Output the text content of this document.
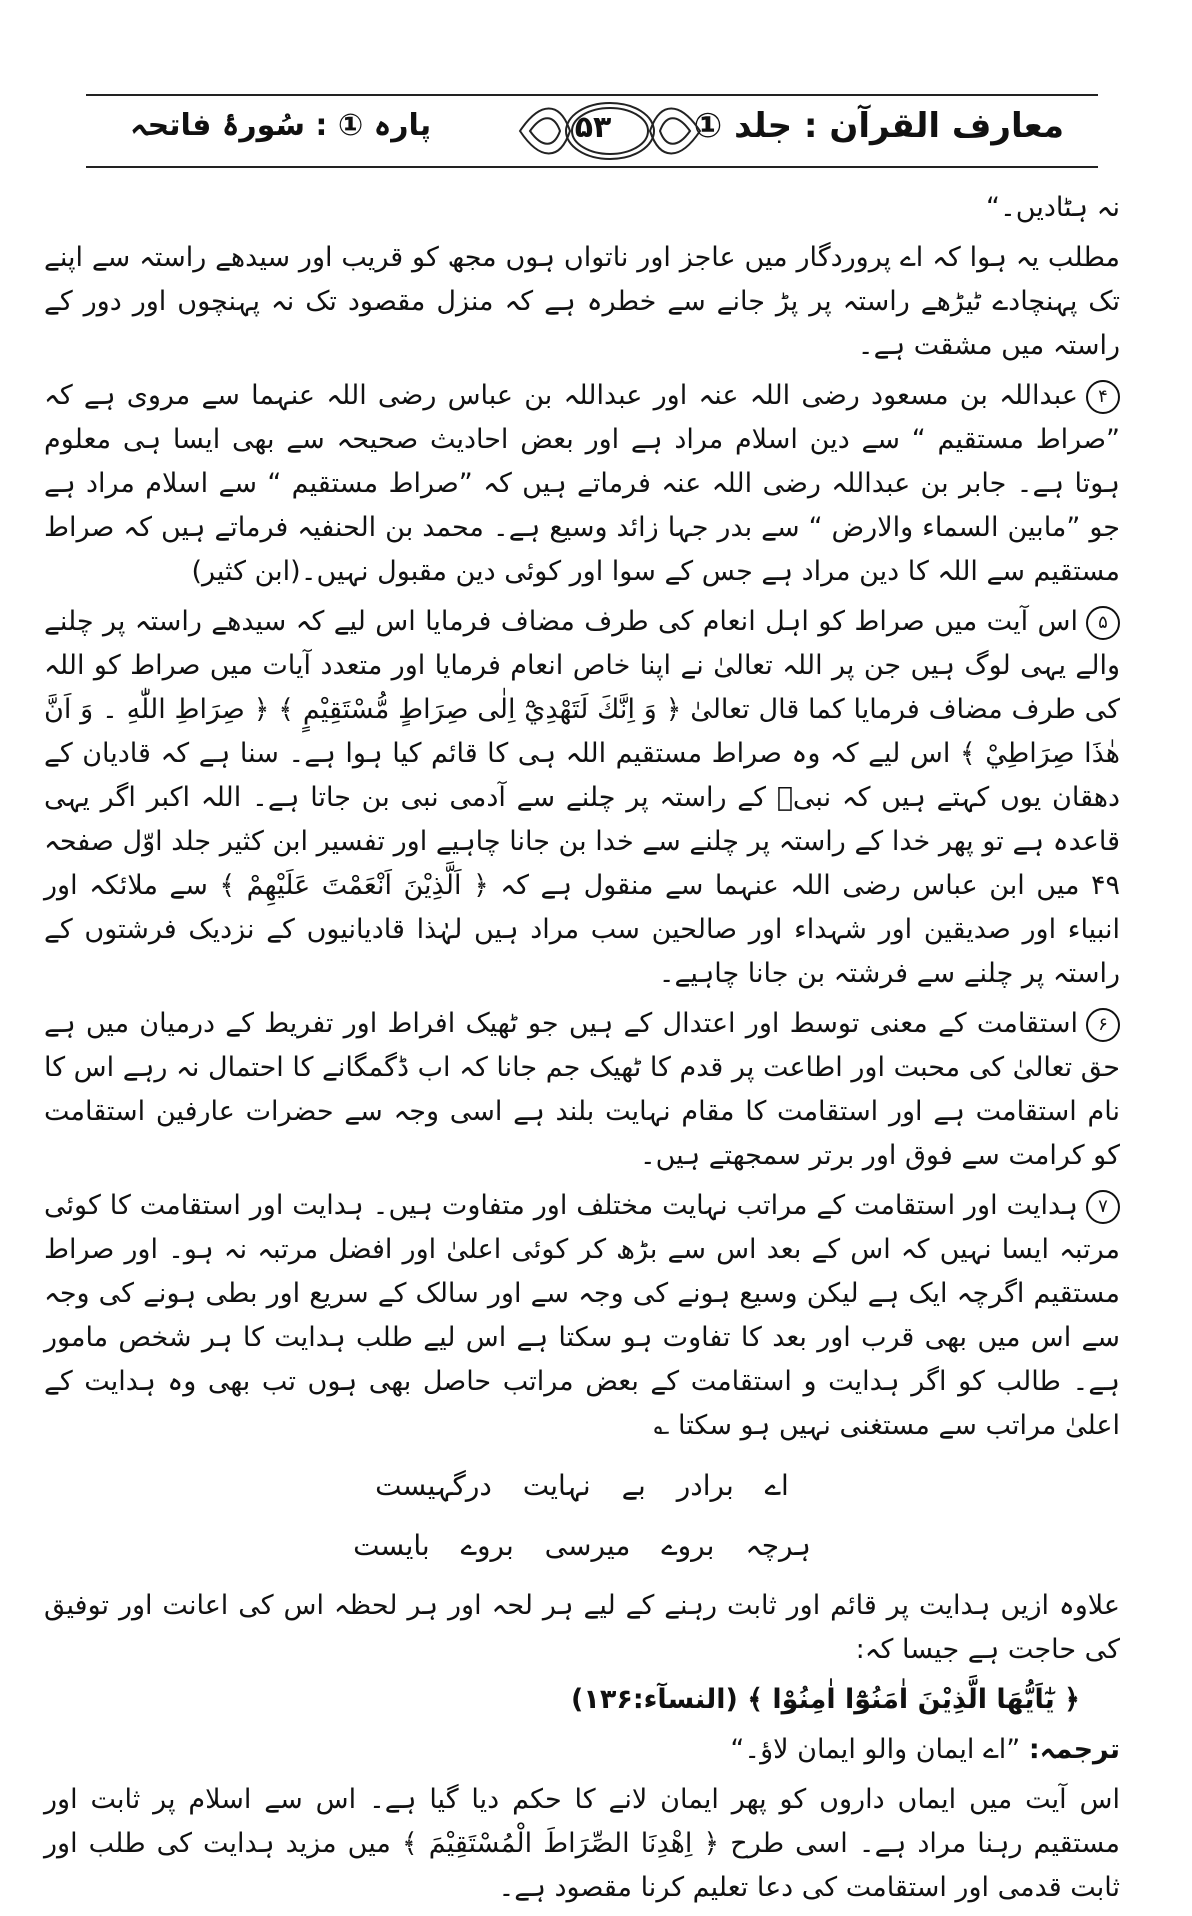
معارف القرآن : جلد ①
پارہ ① : سُورۂ فاتحہ	۵۳

نہ ہٹادیں۔“

مطلب یہ ہوا کہ اے پروردگار میں عاجز اور ناتواں ہوں مجھ کو قریب اور سیدھے راستہ سے اپنے تک پہنچادے ٹیڑھے راستہ پر پڑ جانے سے خطرہ ہے کہ منزل مقصود تک نہ پہنچوں اور دور کے راستہ میں مشقت ہے۔

۴عبداللہ بن مسعود رضی اللہ عنہ اور عبداللہ بن عباس رضی اللہ عنہما سے مروی ہے کہ ”صراط مستقیم “ سے دین اسلام مراد ہے اور بعض احادیث صحیحہ سے بھی ایسا ہی معلوم ہوتا ہے۔ جابر بن عبداللہ رضی اللہ عنہ فرماتے ہیں کہ ”صراط مستقیم “ سے اسلام مراد ہے جو ”مابین السماء والارض “ سے بدر جہا زائد وسیع ہے۔ محمد بن الحنفیہ فرماتے ہیں کہ صراط مستقیم سے اللہ کا دین مراد ہے جس کے سوا اور کوئی دین مقبول نہیں۔(ابن کثیر)

۵اس آیت میں صراط کو اہل انعام کی طرف مضاف فرمایا اس لیے کہ سیدھے راستہ پر چلنے والے یہی لوگ ہیں جن پر اللہ تعالیٰ نے اپنا خاص انعام فرمایا اور متعدد آیات میں صراط کو اللہ کی طرف مضاف فرمایا کما قال تعالیٰ ﴿ وَ اِنَّكَ لَتَهْدِيْٓ اِلٰى صِرَاطٍ مُّسْتَقِيْمٍ ﴾ ﴿ صِرَاطِ اللّٰهِ ۔ وَ اَنَّ هٰذَا صِرَاطِيْ ﴾ اس لیے کہ وہ صراط مستقیم اللہ ہی کا قائم کیا ہوا ہے۔ سنا ہے کہ قادیان کے دھقان یوں کہتے ہیں کہ نبیؐ کے راستہ پر چلنے سے آدمی نبی بن جاتا ہے۔ اللہ اکبر اگر یہی قاعدہ ہے تو پھر خدا کے راستہ پر چلنے سے خدا بن جانا چاہیے اور تفسیر ابن کثیر جلد اوّل صفحہ ۴۹ میں ابن عباس رضی اللہ عنہما سے منقول ہے کہ ﴿ اَلَّذِيْنَ اَنْعَمْتَ عَلَيْهِمْ ﴾ سے ملائکہ اور انبیاء اور صدیقین اور شہداء اور صالحین سب مراد ہیں لہٰذا قادیانیوں کے نزدیک فرشتوں کے راستہ پر چلنے سے فرشتہ بن جانا چاہیے۔

۶استقامت کے معنی توسط اور اعتدال کے ہیں جو ٹھیک افراط اور تفریط کے درمیان میں ہے حق تعالیٰ کی محبت اور اطاعت پر قدم کا ٹھیک جم جانا کہ اب ڈگمگانے کا احتمال نہ رہے اس کا نام استقامت ہے اور استقامت کا مقام نہایت بلند ہے اسی وجہ سے حضرات عارفین استقامت کو کرامت سے فوق اور برتر سمجھتے ہیں۔

۷ہدایت اور استقامت کے مراتب نہایت مختلف اور متفاوت ہیں۔ ہدایت اور استقامت کا کوئی مرتبہ ایسا نہیں کہ اس کے بعد اس سے بڑھ کر کوئی اعلیٰ اور افضل مرتبہ نہ ہو۔ اور صراط مستقیم اگرچہ ایک ہے لیکن وسیع ہونے کی وجہ سے اور سالک کے سریع اور بطی ہونے کی وجہ سے اس میں بھی قرب اور بعد کا تفاوت ہو سکتا ہے اس لیے طلب ہدایت کا ہر شخص مامور ہے۔ طالب کو اگر ہدایت و استقامت کے بعض مراتب حاصل بھی ہوں تب بھی وہ ہدایت کے اعلیٰ مراتب سے مستغنی نہیں ہو سکتا ؎

اے برادر بے نہایت درگہیست
ہرچہ بروے میرسی بروے بایست

علاوہ ازیں ہدایت پر قائم اور ثابت رہنے کے لیے ہر لحہ اور ہر لحظہ اس کی اعانت اور توفیق کی حاجت ہے جیسا کہ:

﴿ يٰٓاَيُّهَا الَّذِيْنَ اٰمَنُوْٓا اٰمِنُوْا ﴾ (النسآء:۱۳۶)

ترجمہ: ”اے ایمان والو ایمان لاؤ۔“

اس آیت میں ایماں داروں کو پھر ایمان لانے کا حکم دیا گیا ہے۔ اس سے اسلام پر ثابت اور مستقیم رہنا مراد ہے۔ اسی طرح ﴿ اِهْدِنَا الصِّرَاطَ الْمُسْتَقِيْمَ ﴾ میں مزید ہدایت کی طلب اور ثابت قدمی اور استقامت کی دعا تعلیم کرنا مقصود ہے۔
